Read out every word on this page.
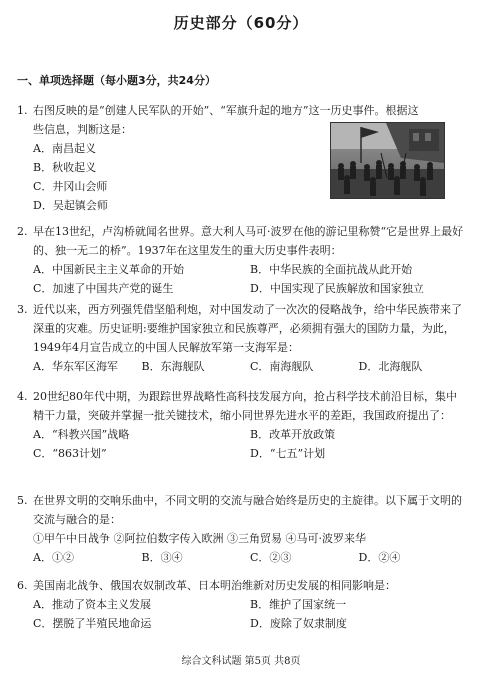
历史部分（60分）
一、单项选择题（每小题3分，共24分）
1. 右图反映的是“创建人民军队的开始”、“军旗升起的地方”这一历史事件。根据这
些信息，判断这是：
A．南昌起义
B．秋收起义
C．井冈山会师
D．吴起镇会师
2. 早在13世纪，卢沟桥就闻名世界。意大利人马可·波罗在他的游记里称赞“它是世界上最好的、独一无二的桥”。1937年在这里发生的重大历史事件表明：
A．中国新民主主义革命的开始	B．中华民族的全面抗战从此开始
C．加速了中国共产党的诞生	D．中国实现了民族解放和国家独立
3. 近代以来，西方列强凭借坚船利炮，对中国发动了一次次的侵略战争，给中华民族带来了深重的灾难。历史证明:要维护国家独立和民族尊严，必须拥有强大的国防力量，为此，1949年4月宣告成立的中国人民解放军第一支海军是：
A．华东军区海军	B．东海舰队	C．南海舰队	D．北海舰队
4. 20世纪80年代中期，为跟踪世界战略性高科技发展方向，抢占科学技术前沿目标，集中精干力量，突破并掌握一批关键技术，缩小同世界先进水平的差距，我国政府提出了：
A．“科教兴国”战略	B．改革开放政策
C．“863计划”	D．“七五”计划
5. 在世界文明的交响乐曲中，不同文明的交流与融合始终是历史的主旋律。以下属于文明的交流与融合的是：
①甲午中日战争 ②阿拉伯数字传入欧洲 ③三角贸易 ④马可·波罗来华
A．①②	B．③④	C．②③	D．②④
6. 美国南北战争、俄国农奴制改革、日本明治维新对历史发展的相同影响是：
A．推动了资本主义发展	B．维护了国家统一
C．摆脱了半殖民地命运	D．废除了奴隶制度
综合文科试题 第5页 共8页
